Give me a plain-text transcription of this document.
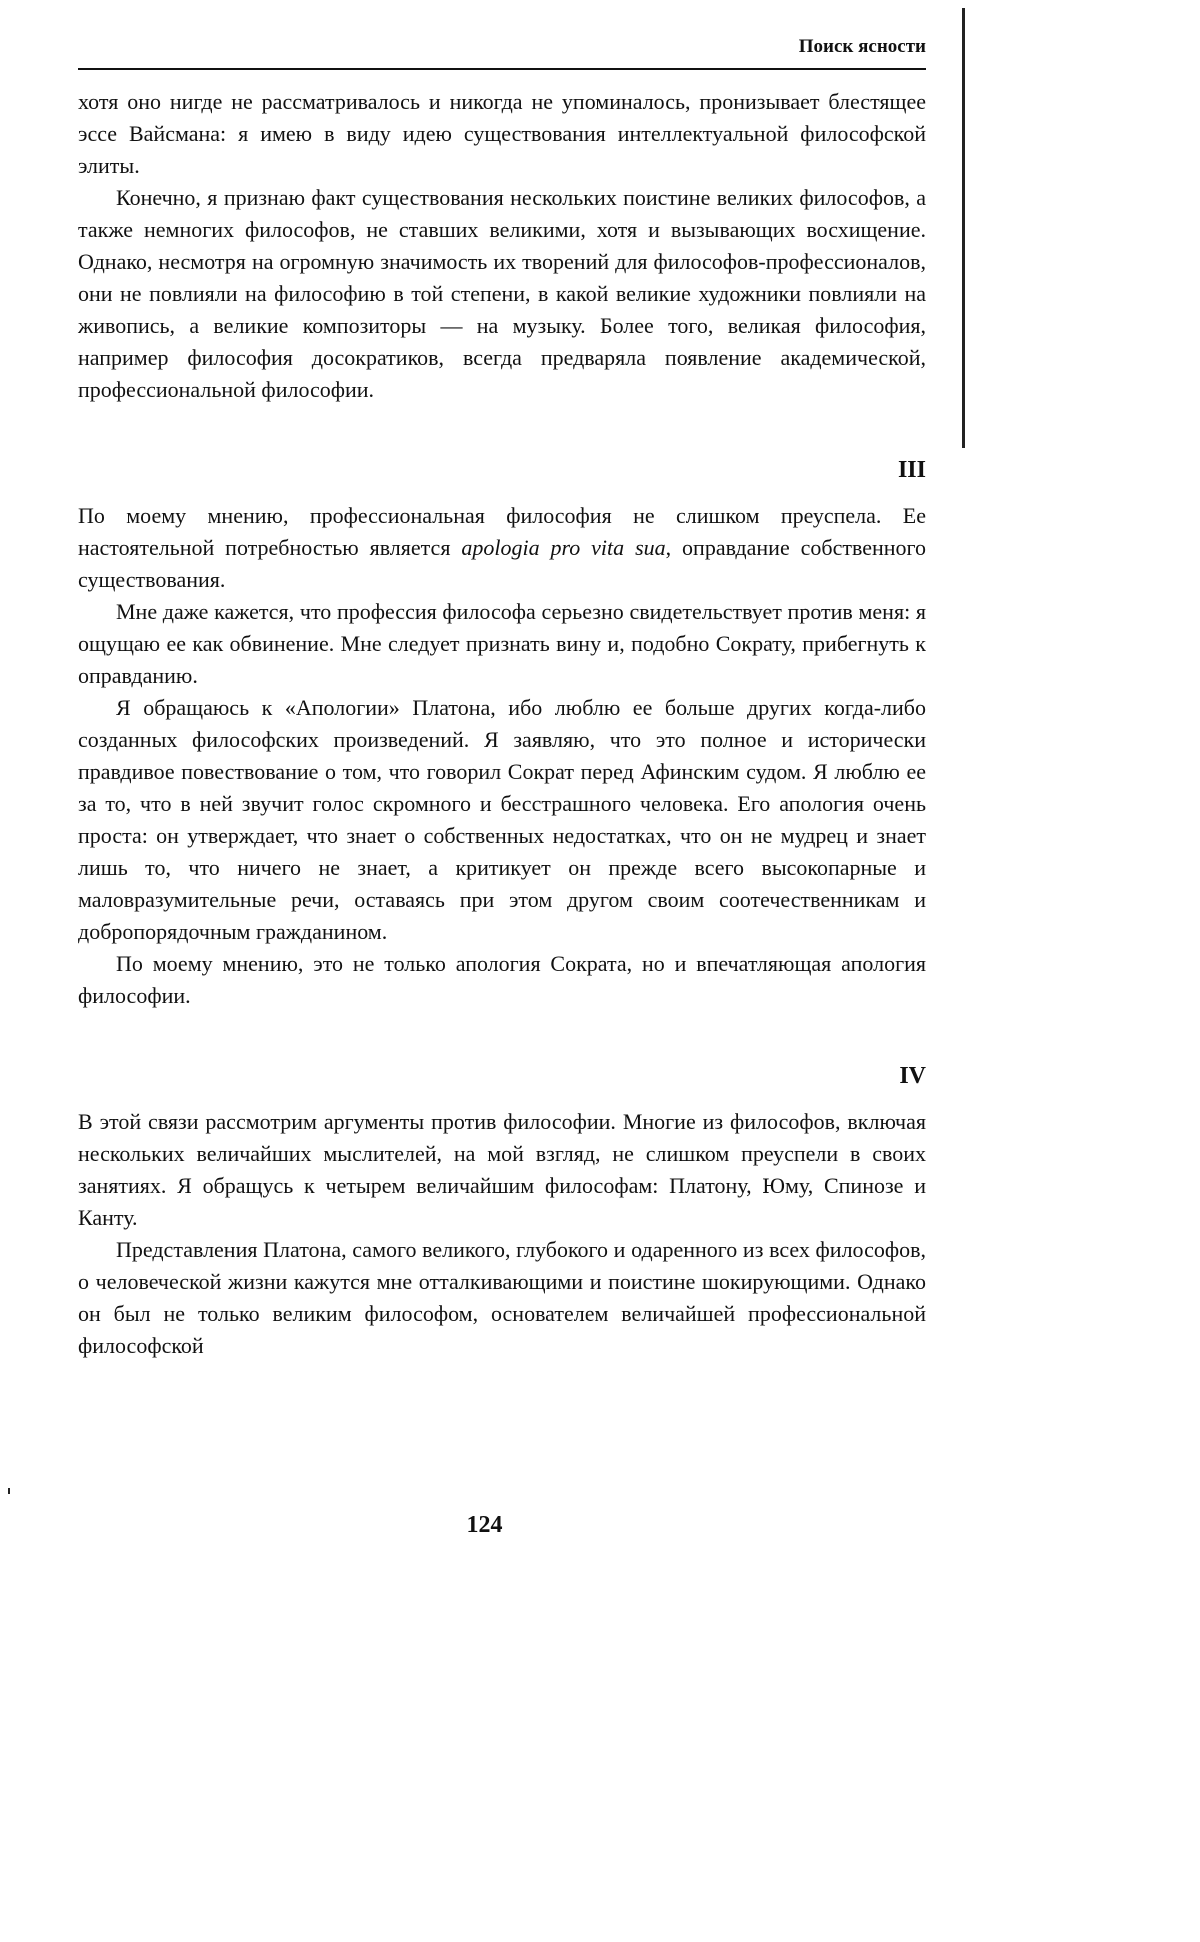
Поиск ясности

хотя оно нигде не рассматривалось и никогда не упоминалось, пронизывает блестящее эссе Вайсмана: я имею в виду идею существования интеллектуальной философской элиты.

Конечно, я признаю факт существования нескольких поистине великих философов, а также немногих философов, не ставших великими, хотя и вызывающих восхищение. Однако, несмотря на огромную значимость их творений для философов-профессионалов, они не повлияли на философию в той степени, в какой великие художники повлияли на живопись, а великие композиторы — на музыку. Более того, великая философия, например философия досократиков, всегда предваряла появление академической, профессиональной философии.

III

По моему мнению, профессиональная философия не слишком преуспела. Ее настоятельной потребностью является apologia pro vita sua, оправдание собственного существования.

Мне даже кажется, что профессия философа серьезно свидетельствует против меня: я ощущаю ее как обвинение. Мне следует признать вину и, подобно Сократу, прибегнуть к оправданию.

Я обращаюсь к «Апологии» Платона, ибо люблю ее больше других когда-либо созданных философских произведений. Я заявляю, что это полное и исторически правдивое повествование о том, что говорил Сократ перед Афинским судом. Я люблю ее за то, что в ней звучит голос скромного и бесстрашного человека. Его апология очень проста: он утверждает, что знает о собственных недостатках, что он не мудрец и знает лишь то, что ничего не знает, а критикует он прежде всего высокопарные и маловразумительные речи, оставаясь при этом другом своим соотечественникам и добропорядочным гражданином.

По моему мнению, это не только апология Сократа, но и впечатляющая апология философии.

IV

В этой связи рассмотрим аргументы против философии. Многие из философов, включая нескольких величайших мыслителей, на мой взгляд, не слишком преуспели в своих занятиях. Я обращусь к четырем величайшим философам: Платону, Юму, Спинозе и Канту.

Представления Платона, самого великого, глубокого и одаренного из всех философов, о человеческой жизни кажутся мне отталкивающими и поистине шокирующими. Однако он был не только великим философом, основателем величайшей профессиональной философской

124
